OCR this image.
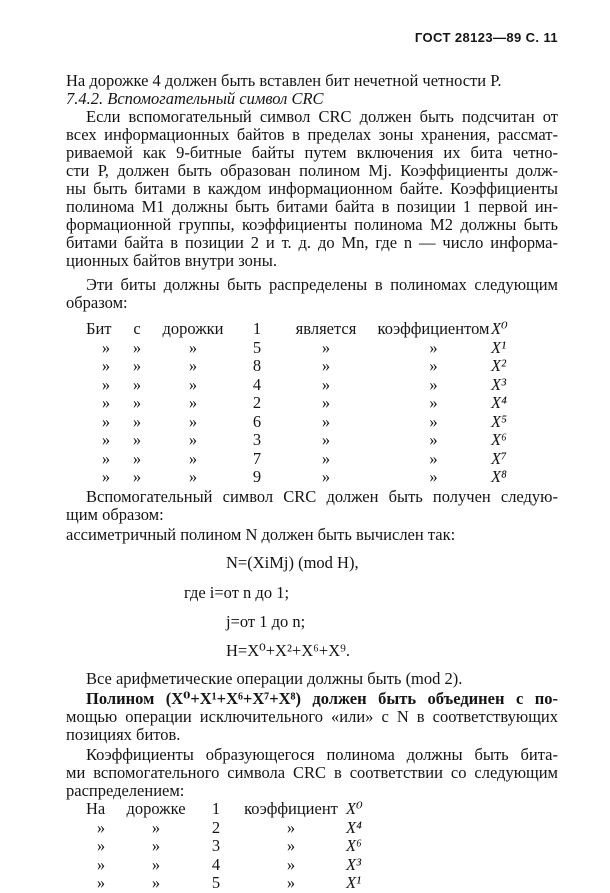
ГОСТ 28123—89 С. 11
На дорожке 4 должен быть вставлен бит нечетной четности Р.
7.4.2. Вспомогательный символ CRC
Если вспомогательный символ CRC должен быть подсчитан от
всех информационных байтов в пределах зоны хранения, рассмат-
риваемой как 9-битные байты путем включения их бита четно-
сти Р, должен быть образован полином Мj. Коэффициенты долж-
ны быть битами в каждом информационном байте. Коэффициенты
полинома М1 должны быть битами байта в позиции 1 первой ин-
формационной группы, коэффициенты полинома М2 должны быть
битами байта в позиции 2 и т. д. до Мn, где n — число информа-
ционных байтов внутри зоны.
Эти биты должны быть распределены в полиномах следующим
образом:
Бит	с	дорожки	1	является	коэффициентом	X⁰
»	»	»	5	»	»	X¹
»	»	»	8	»	»	X²
»	»	»	4	»	»	X³
»	»	»	2	»	»	X⁴
»	»	»	6	»	»	X⁵
»	»	»	3	»	»	X⁶
»	»	»	7	»	»	X⁷
»	»	»	9	»	»	X⁸
Вспомогательный символ CRC должен быть получен следую-
щим образом:
ассиметричный полином N должен быть вычислен так:
N=(XiMj) (mod H),
где i=от n до 1;
j=от 1 до n;
H=X⁰+X²+X⁶+X⁹.
Все арифметические операции должны быть (mod 2).
Полином (X⁰+X¹+X⁶+X⁷+X⁸) должен быть объединен с по-
мощью операции исключительного «или» с N в соответствующих
позициях битов.
Коэффициенты образующегося полинома должны быть бита-
ми вспомогательного символа CRC в соответствии со следующим
распределением:
На	дорожке	1	коэффициент	X⁰
»	»	2	»	X⁴
»	»	3	»	X⁶
»	»	4	»	X³
»	»	5	»	X¹
